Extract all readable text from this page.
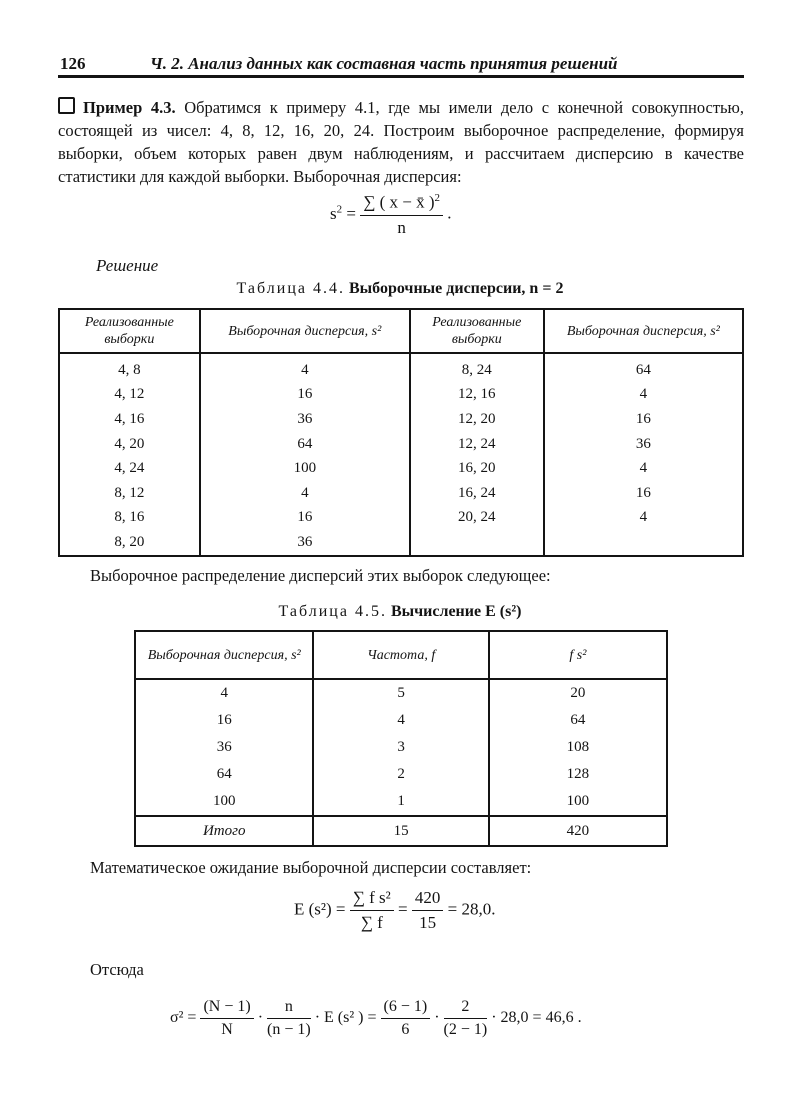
126	Ч. 2. Анализ данных как составная часть принятия решений
Пример 4.3. Обратимся к примеру 4.1, где мы имели дело с конечной совокупностью, состоящей из чисел: 4, 8, 12, 16, 20, 24. Построим выборочное распределение, формируя выборки, объем которых равен двум наблюдениям, и рассчитаем дисперсию в качестве статистики для каждой выборки. Выборочная дисперсия:
$s^2 = \frac{\sum ( x - x̄ )^2}{n}$ .
Решение
Таблица 4.4. Выборочные дисперсии, n = 2
Реализованные выборки	Выборочная дисперсия, s²	Реализованные выборки	Выборочная дисперсия, s²
4, 8	4	8, 24	64
4, 12	16	12, 16	4
4, 16	36	12, 20	16
4, 20	64	12, 24	36
4, 24	100	16, 20	4
8, 12	4	16, 24	16
8, 16	16	20, 24	4
8, 20	36		
Выборочное распределение дисперсий этих выборок следующее:
Таблица 4.5. Вычисление E (s²)
Выборочная дисперсия, s²	Частота, f	f s²
4	5	20
16	4	64
36	3	108
64	2	128
100	1	100
Итого	15	420
Математическое ожидание выборочной дисперсии составляет:
E $(s^2) = \frac{\text{∑ f s²}}{\sum f} = \frac{420}{15} = 28,0$.
Отсюда
$\sigma^2 = \frac{(N - 1)}{N} \cdot \frac{n}{(n - 1)} \cdot E$ (s² ) = $\frac{(6 - 1)}{6} \cdot \frac{2}{(2 - 1)} \cdot 28,0 = 46,6$ .
